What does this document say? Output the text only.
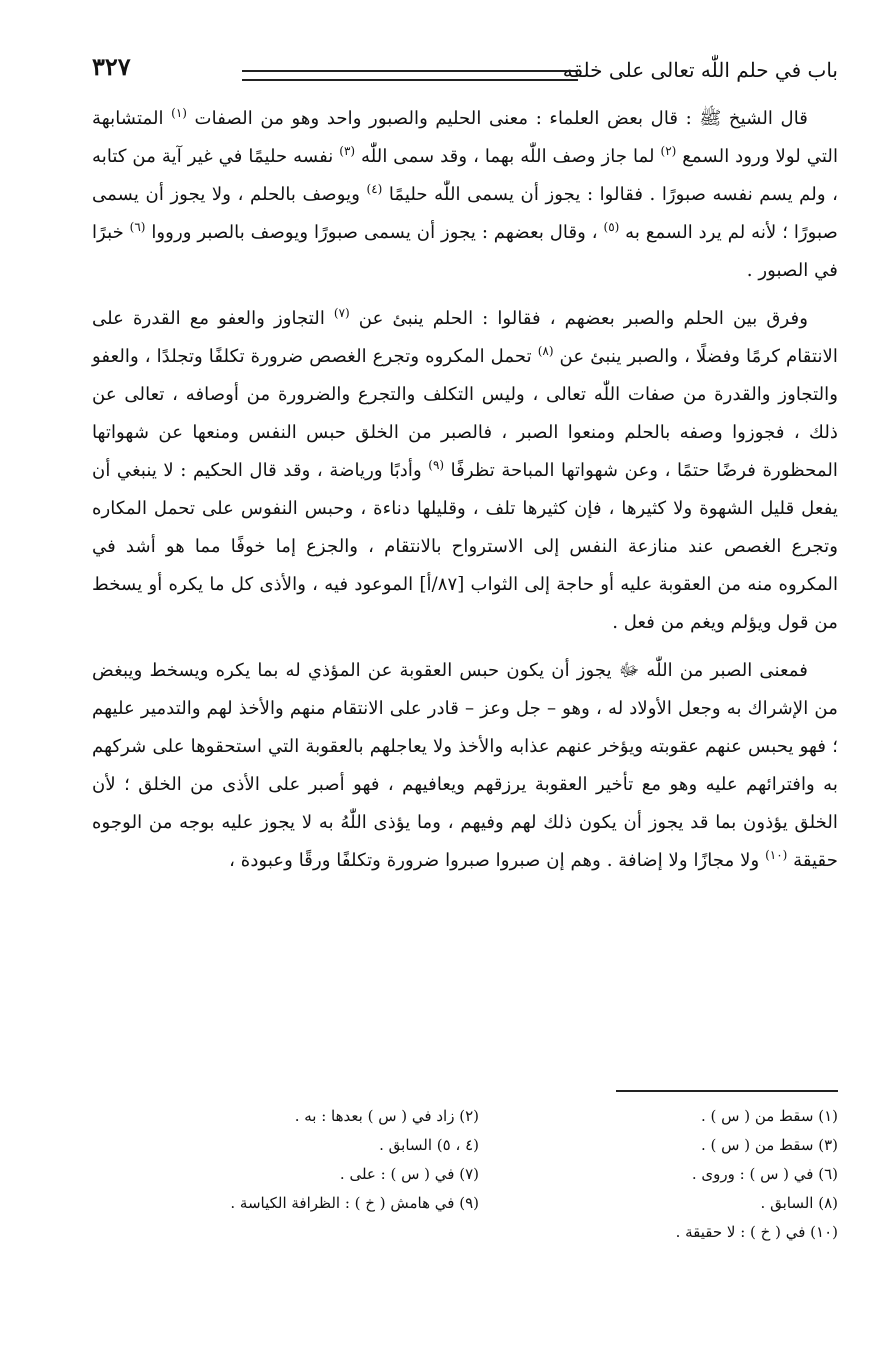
باب في حلم اللّٰه تعالى على خلقه
٣٢٧

قال الشيخ ﷺ : قال بعض العلماء : معنى الحليم والصبور واحد وهو من الصفات $^{(١)}$ المتشابهة التي لولا ورود السمع $^{(٢)}$ لما جاز وصف اللّٰه بهما ، وقد سمى اللّٰه $^{(٣)}$ نفسه حليمًا في غير آية من كتابه ، ولم يسم نفسه صبورًا . فقالوا : يجوز أن يسمى اللّٰه حليمًا $^{(٤)}$ ويوصف بالحلم ، ولا يجوز أن يسمى صبورًا ؛ لأنه لم يرد السمع به $^{(٥)}$ ، وقال بعضهم : يجوز أن يسمى صبورًا ويوصف بالصبر ورووا $^{(٦)}$ خبرًا في الصبور .

وفرق بين الحلم والصبر بعضهم ، فقالوا : الحلم ينبئ عن $^{(٧)}$ التجاوز والعفو مع القدرة على الانتقام كرمًا وفضلًا ، والصبر ينبئ عن $^{(٨)}$ تحمل المكروه وتجرع الغصص ضرورة تكلفًا وتجلدًا ، والعفو والتجاوز والقدرة من صفات اللّٰه تعالى ، وليس التكلف والتجرع والضرورة من أوصافه ، تعالى عن ذلك ، فجوزوا وصفه بالحلم ومنعوا الصبر ، فالصبر من الخلق حبس النفس ومنعها عن شهواتها المحظورة فرضًا حتمًا ، وعن شهواتها المباحة تظرفًا $^{(٩)}$ وأدبًا ورياضة ، وقد قال الحكيم : لا ينبغي أن يفعل قليل الشهوة ولا كثيرها ، فإن كثيرها تلف ، وقليلها دناءة ، وحبس النفوس على تحمل المكاره وتجرع الغصص عند منازعة النفس إلى الاسترواح بالانتقام ، والجزع إما خوفًا مما هو أشد في المكروه منه من العقوبة عليه أو حاجة إلى الثواب [٨٧/أ] الموعود فيه ، والأذى كل ما يكره أو يسخط من قول ويؤلم ويغم من فعل .

فمعنى الصبر من اللّٰه ﷻ يجوز أن يكون حبس العقوبة عن المؤذي له بما يكره ويسخط ويبغض من الإشراك به وجعل الأولاد له ، وهو – جل وعز – قادر على الانتقام منهم والأخذ لهم والتدمير عليهم ؛ فهو يحبس عنهم عقوبته ويؤخر عنهم عذابه والأخذ ولا يعاجلهم بالعقوبة التي استحقوها على شركهم به وافترائهم عليه وهو مع تأخير العقوبة يرزقهم ويعافيهم ، فهو أصبر على الأذى من الخلق ؛ لأن الخلق يؤذون بما قد يجوز أن يكون ذلك لهم وفيهم ، وما يؤذى اللّٰهُ به لا يجوز عليه بوجه من الوجوه حقيقة $^{(١٠)}$ ولا مجازًا ولا إضافة . وهم إن صبروا صبروا ضرورة وتكلفًا ورقًا وعبودة ،

(١) سقط من ( س ) .
(٢) زاد في ( س ) بعدها : به .
(٣) سقط من ( س ) .
(٤ ، ٥) السابق .
(٦) في ( س ) : وروى .
(٧) في ( س ) : على .
(٨) السابق .
(٩) في هامش ( خ ) : الظرافة الكياسة .
(١٠) في ( خ ) : لا حقيقة .
